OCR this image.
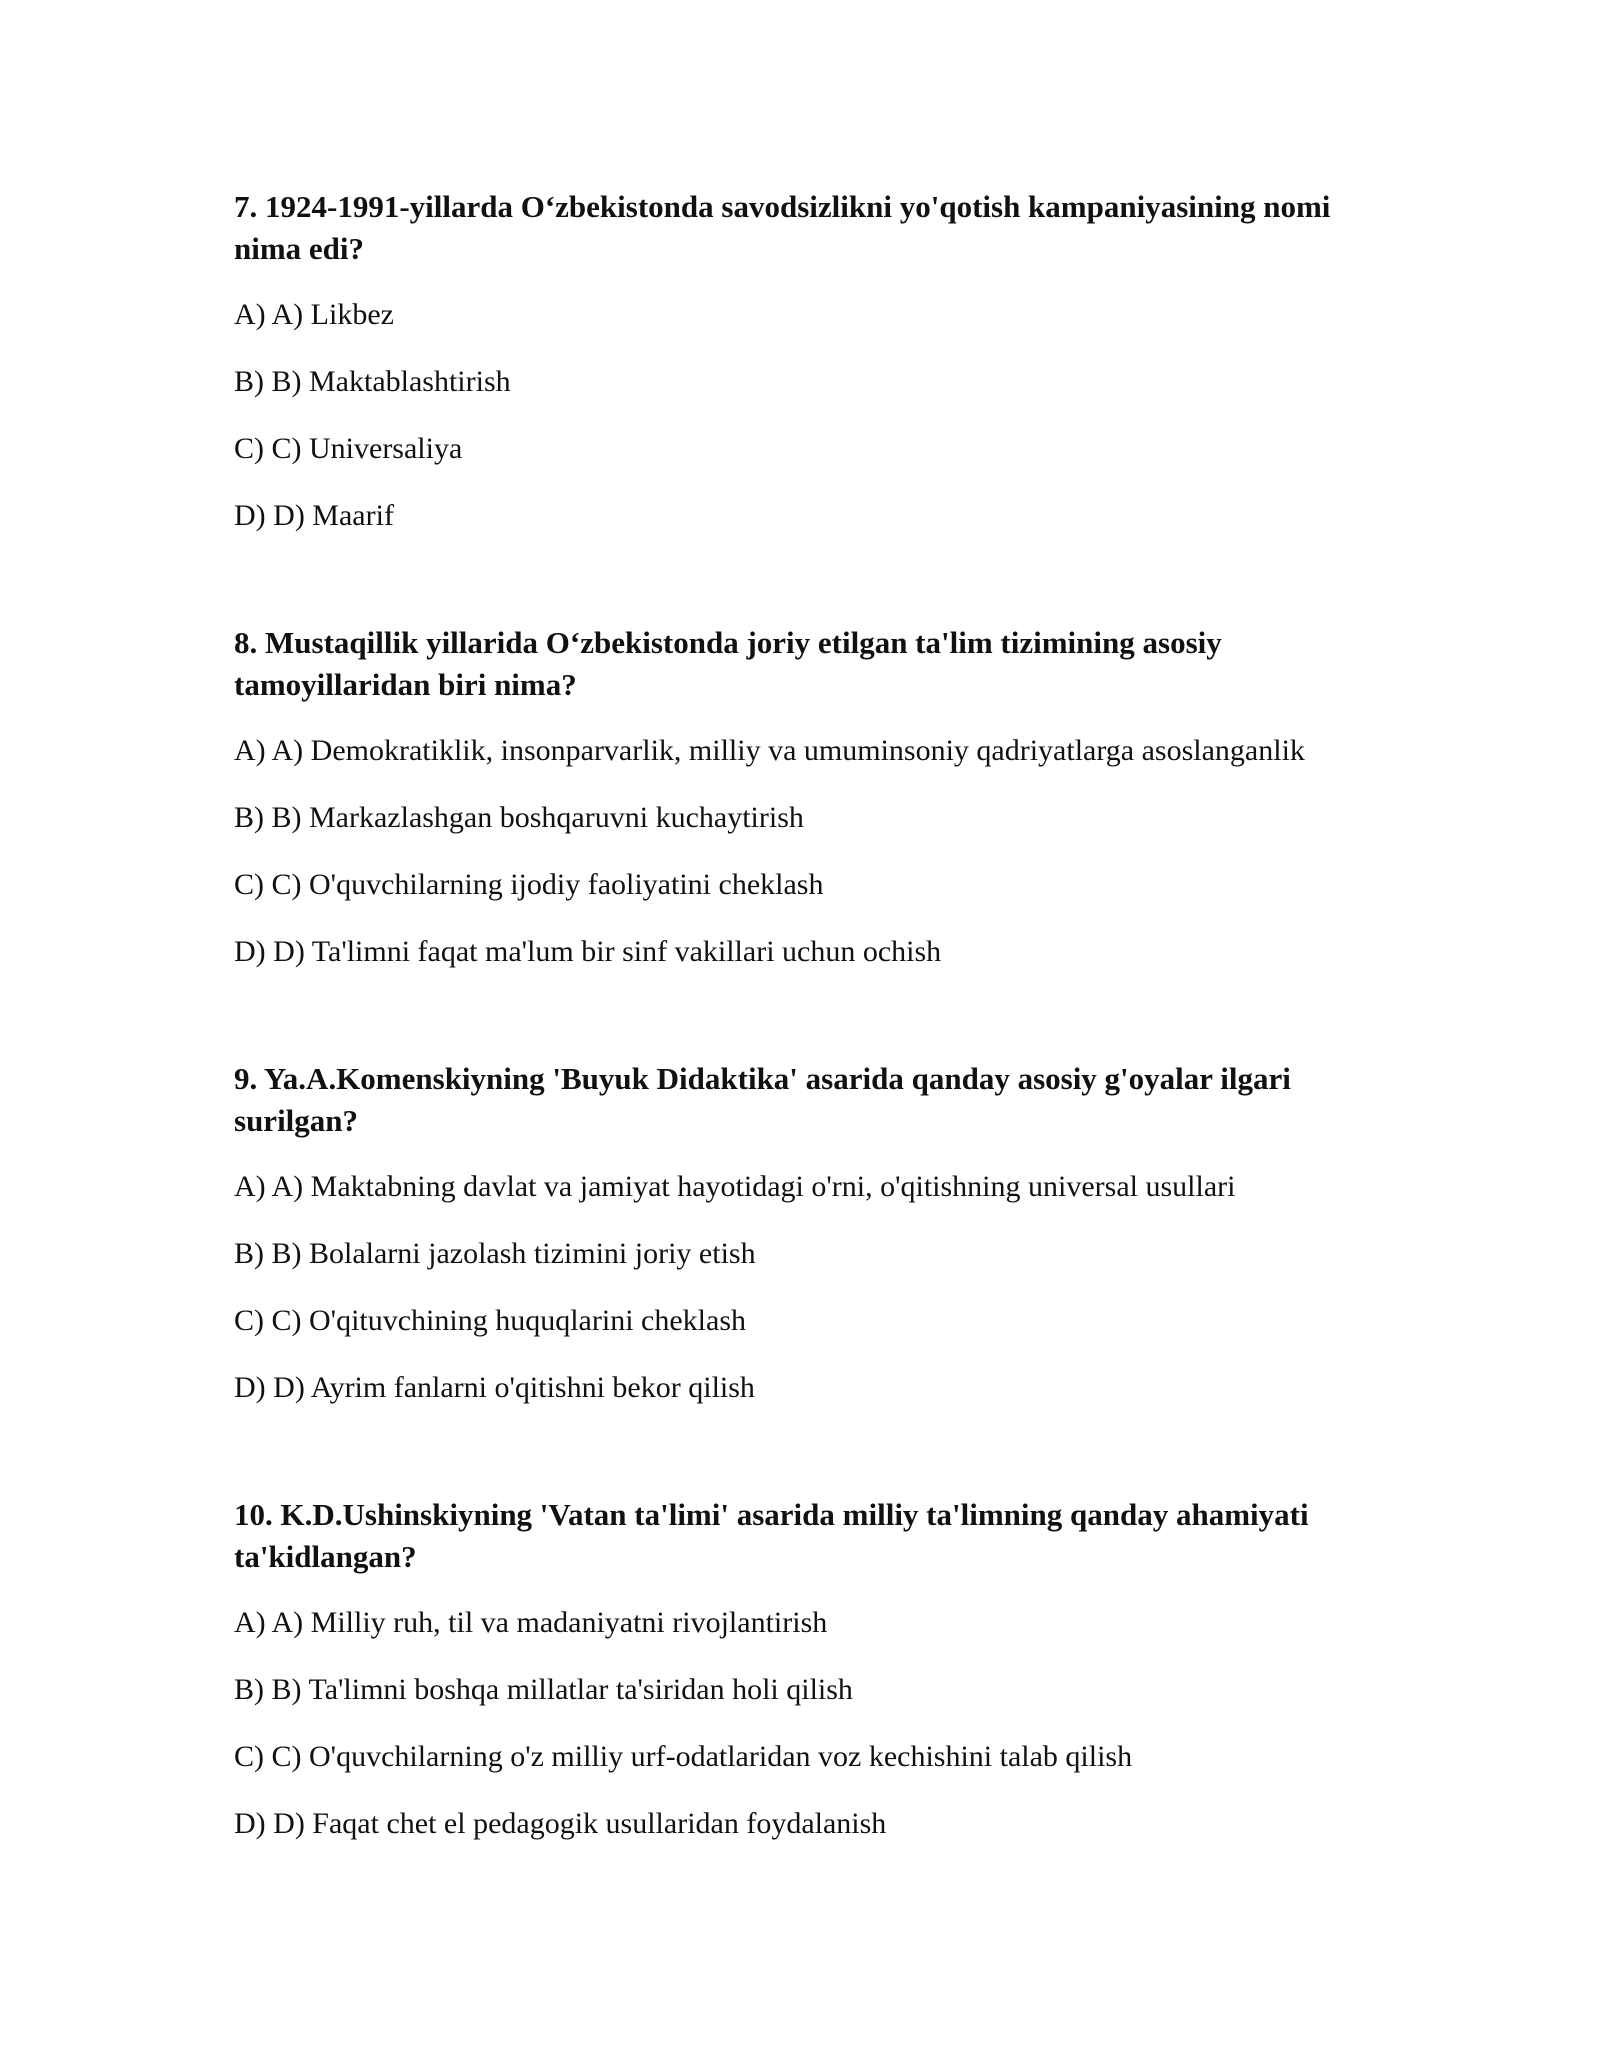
7. 1924-1991-yillarda O‘zbekistonda savodsizlikni yo'qotish kampaniyasining nomi nima edi?
A) A) Likbez
B) B) Maktablashtirish
C) C) Universaliya
D) D) Maarif
8. Mustaqillik yillarida O‘zbekistonda joriy etilgan ta'lim tizimining asosiy tamoyillaridan biri nima?
A) A) Demokratiklik, insonparvarlik, milliy va umuminsoniy qadriyatlarga asoslanganlik
B) B) Markazlashgan boshqaruvni kuchaytirish
C) C) O'quvchilarning ijodiy faoliyatini cheklash
D) D) Ta'limni faqat ma'lum bir sinf vakillari uchun ochish
9. Ya.A.Komenskiyning 'Buyuk Didaktika' asarida qanday asosiy g'oyalar ilgari surilgan?
A) A) Maktabning davlat va jamiyat hayotidagi o'rni, o'qitishning universal usullari
B) B) Bolalarni jazolash tizimini joriy etish
C) C) O'qituvchining huquqlarini cheklash
D) D) Ayrim fanlarni o'qitishni bekor qilish
10. K.D.Ushinskiyning 'Vatan ta'limi' asarida milliy ta'limning qanday ahamiyati ta'kidlangan?
A) A) Milliy ruh, til va madaniyatni rivojlantirish
B) B) Ta'limni boshqa millatlar ta'siridan holi qilish
C) C) O'quvchilarning o'z milliy urf-odatlaridan voz kechishini talab qilish
D) D) Faqat chet el pedagogik usullaridan foydalanish
